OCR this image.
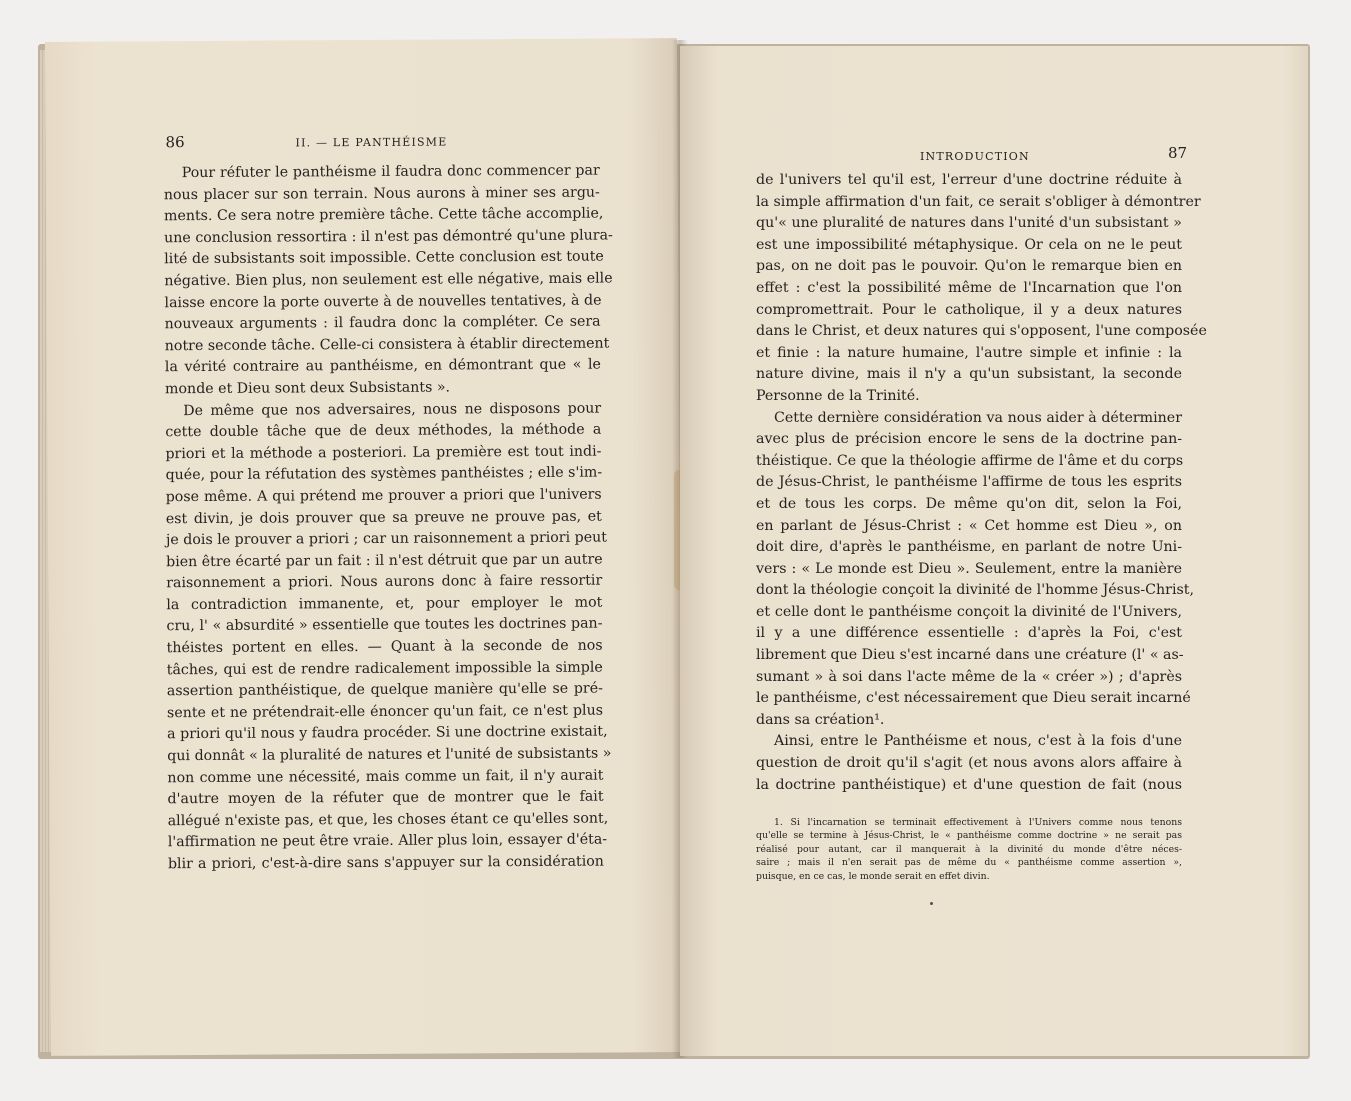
86	II. — LE PANTHÉISME
Pour réfuter le panthéisme il faudra donc commencer par
nous placer sur son terrain. Nous aurons à miner ses argu-
ments. Ce sera notre première tâche. Cette tâche accomplie,
une conclusion ressortira : il n'est pas démontré qu'une plura-
lité de subsistants soit impossible. Cette conclusion est toute
négative. Bien plus, non seulement est elle négative, mais elle
laisse encore la porte ouverte à de nouvelles tentatives, à de
nouveaux arguments : il faudra donc la compléter. Ce sera
notre seconde tâche. Celle-ci consistera à établir directement
la vérité contraire au panthéisme, en démontrant que « le
monde et Dieu sont deux Subsistants ».
De même que nos adversaires, nous ne disposons pour
cette double tâche que de deux méthodes, la méthode a
priori et la méthode a posteriori. La première est tout indi-
quée, pour la réfutation des systèmes panthéistes ; elle s'im-
pose même. A qui prétend me prouver a priori que l'univers
est divin, je dois prouver que sa preuve ne prouve pas, et
je dois le prouver a priori ; car un raisonnement a priori peut
bien être écarté par un fait : il n'est détruit que par un autre
raisonnement a priori. Nous aurons donc à faire ressortir
la contradiction immanente, et, pour employer le mot
cru, l' « absurdité » essentielle que toutes les doctrines pan-
théistes portent en elles. — Quant à la seconde de nos
tâches, qui est de rendre radicalement impossible la simple
assertion panthéistique, de quelque manière qu'elle se pré-
sente et ne prétendrait-elle énoncer qu'un fait, ce n'est plus
a priori qu'il nous y faudra procéder. Si une doctrine existait,
qui donnât « la pluralité de natures et l'unité de subsistants »
non comme une nécessité, mais comme un fait, il n'y aurait
d'autre moyen de la réfuter que de montrer que le fait
allégué n'existe pas, et que, les choses étant ce qu'elles sont,
l'affirmation ne peut être vraie. Aller plus loin, essayer d'éta-
blir a priori, c'est-à-dire sans s'appuyer sur la considération
INTRODUCTION	87
de l'univers tel qu'il est, l'erreur d'une doctrine réduite à
la simple affirmation d'un fait, ce serait s'obliger à démontrer
qu'« une pluralité de natures dans l'unité d'un subsistant »
est une impossibilité métaphysique. Or cela on ne le peut
pas, on ne doit pas le pouvoir. Qu'on le remarque bien en
effet : c'est la possibilité même de l'Incarnation que l'on
compromettrait. Pour le catholique, il y a deux natures
dans le Christ, et deux natures qui s'opposent, l'une composée
et finie : la nature humaine, l'autre simple et infinie : la
nature divine, mais il n'y a qu'un subsistant, la seconde
Personne de la Trinité.
Cette dernière considération va nous aider à déterminer
avec plus de précision encore le sens de la doctrine pan-
théistique. Ce que la théologie affirme de l'âme et du corps
de Jésus-Christ, le panthéisme l'affirme de tous les esprits
et de tous les corps. De même qu'on dit, selon la Foi,
en parlant de Jésus-Christ : « Cet homme est Dieu », on
doit dire, d'après le panthéisme, en parlant de notre Uni-
vers : « Le monde est Dieu ». Seulement, entre la manière
dont la théologie conçoit la divinité de l'homme Jésus-Christ,
et celle dont le panthéisme conçoit la divinité de l'Univers,
il y a une différence essentielle : d'après la Foi, c'est
librement que Dieu s'est incarné dans une créature (l' « as-
sumant » à soi dans l'acte même de la « créer ») ; d'après
le panthéisme, c'est nécessairement que Dieu serait incarné
dans sa création¹.
Ainsi, entre le Panthéisme et nous, c'est à la fois d'une
question de droit qu'il s'agit (et nous avons alors affaire à
la doctrine panthéistique) et d'une question de fait (nous
1. Si l'incarnation se terminait effectivement à l'Univers comme nous tenons
qu'elle se termine à Jésus-Christ, le « panthéisme comme doctrine » ne serait pas
réalisé pour autant, car il manquerait à la divinité du monde d'être néces-
saire ; mais il n'en serait pas de même du « panthéisme comme assertion »,
puisque, en ce cas, le monde serait en effet divin.
